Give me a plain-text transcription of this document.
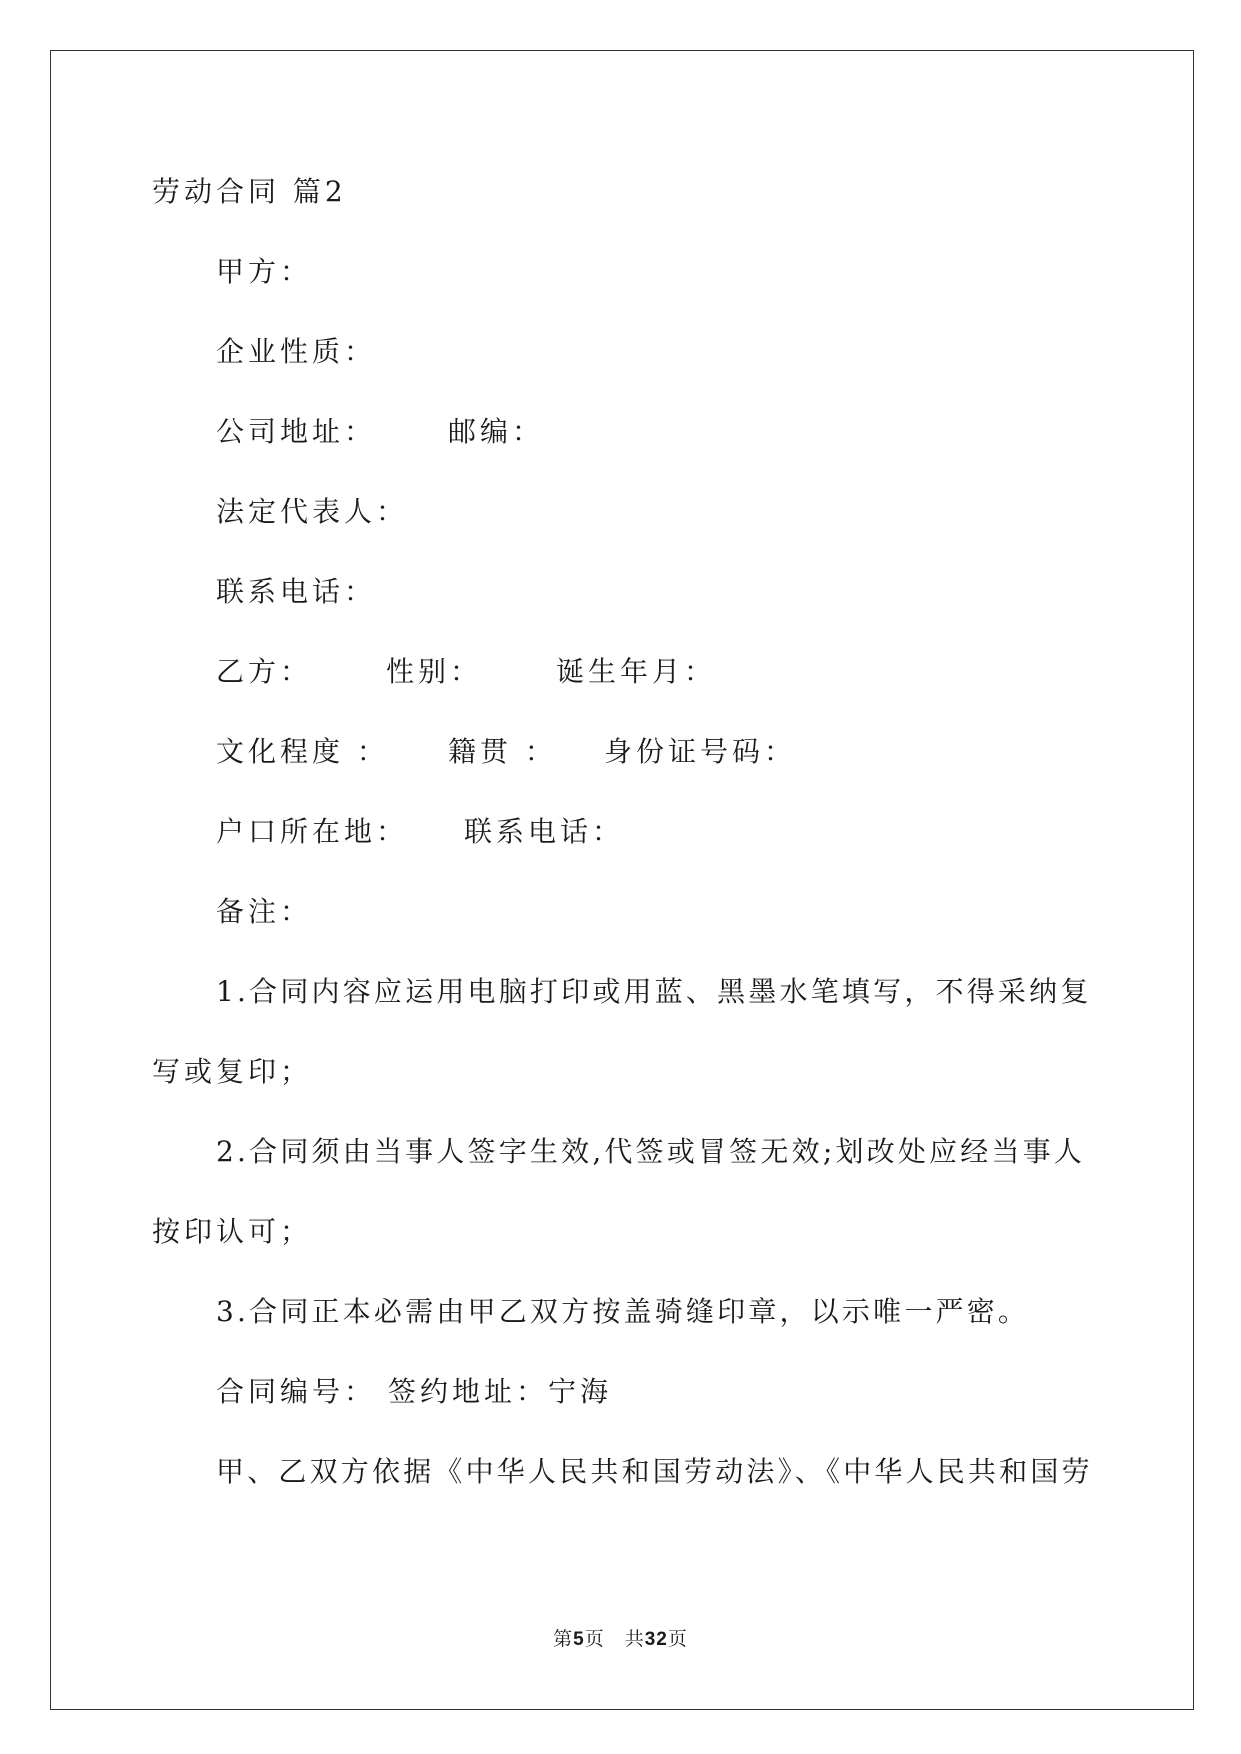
劳动合同 篇2
甲方：
企业性质：
公司地址：	邮编：
法定代表人：
联系电话：
乙方：	性别：	诞生年月：
文化程度 ： 籍贯 ： 身份证号码：
户口所在地： 联系电话：
备注：
1.合同内容应运用电脑打印或用蓝、黑墨水笔填写，不得采纳复
写或复印；
2.合同须由当事人签字生效,代签或冒签无效;划改处应经当事人
按印认可；
3.合同正本必需由甲乙双方按盖骑缝印章，以示唯一严密。
合同编号： 签约地址：宁海
甲、乙双方依据《中华人民共和国劳动法》、《中华人民共和国劳
第5页 共32页
